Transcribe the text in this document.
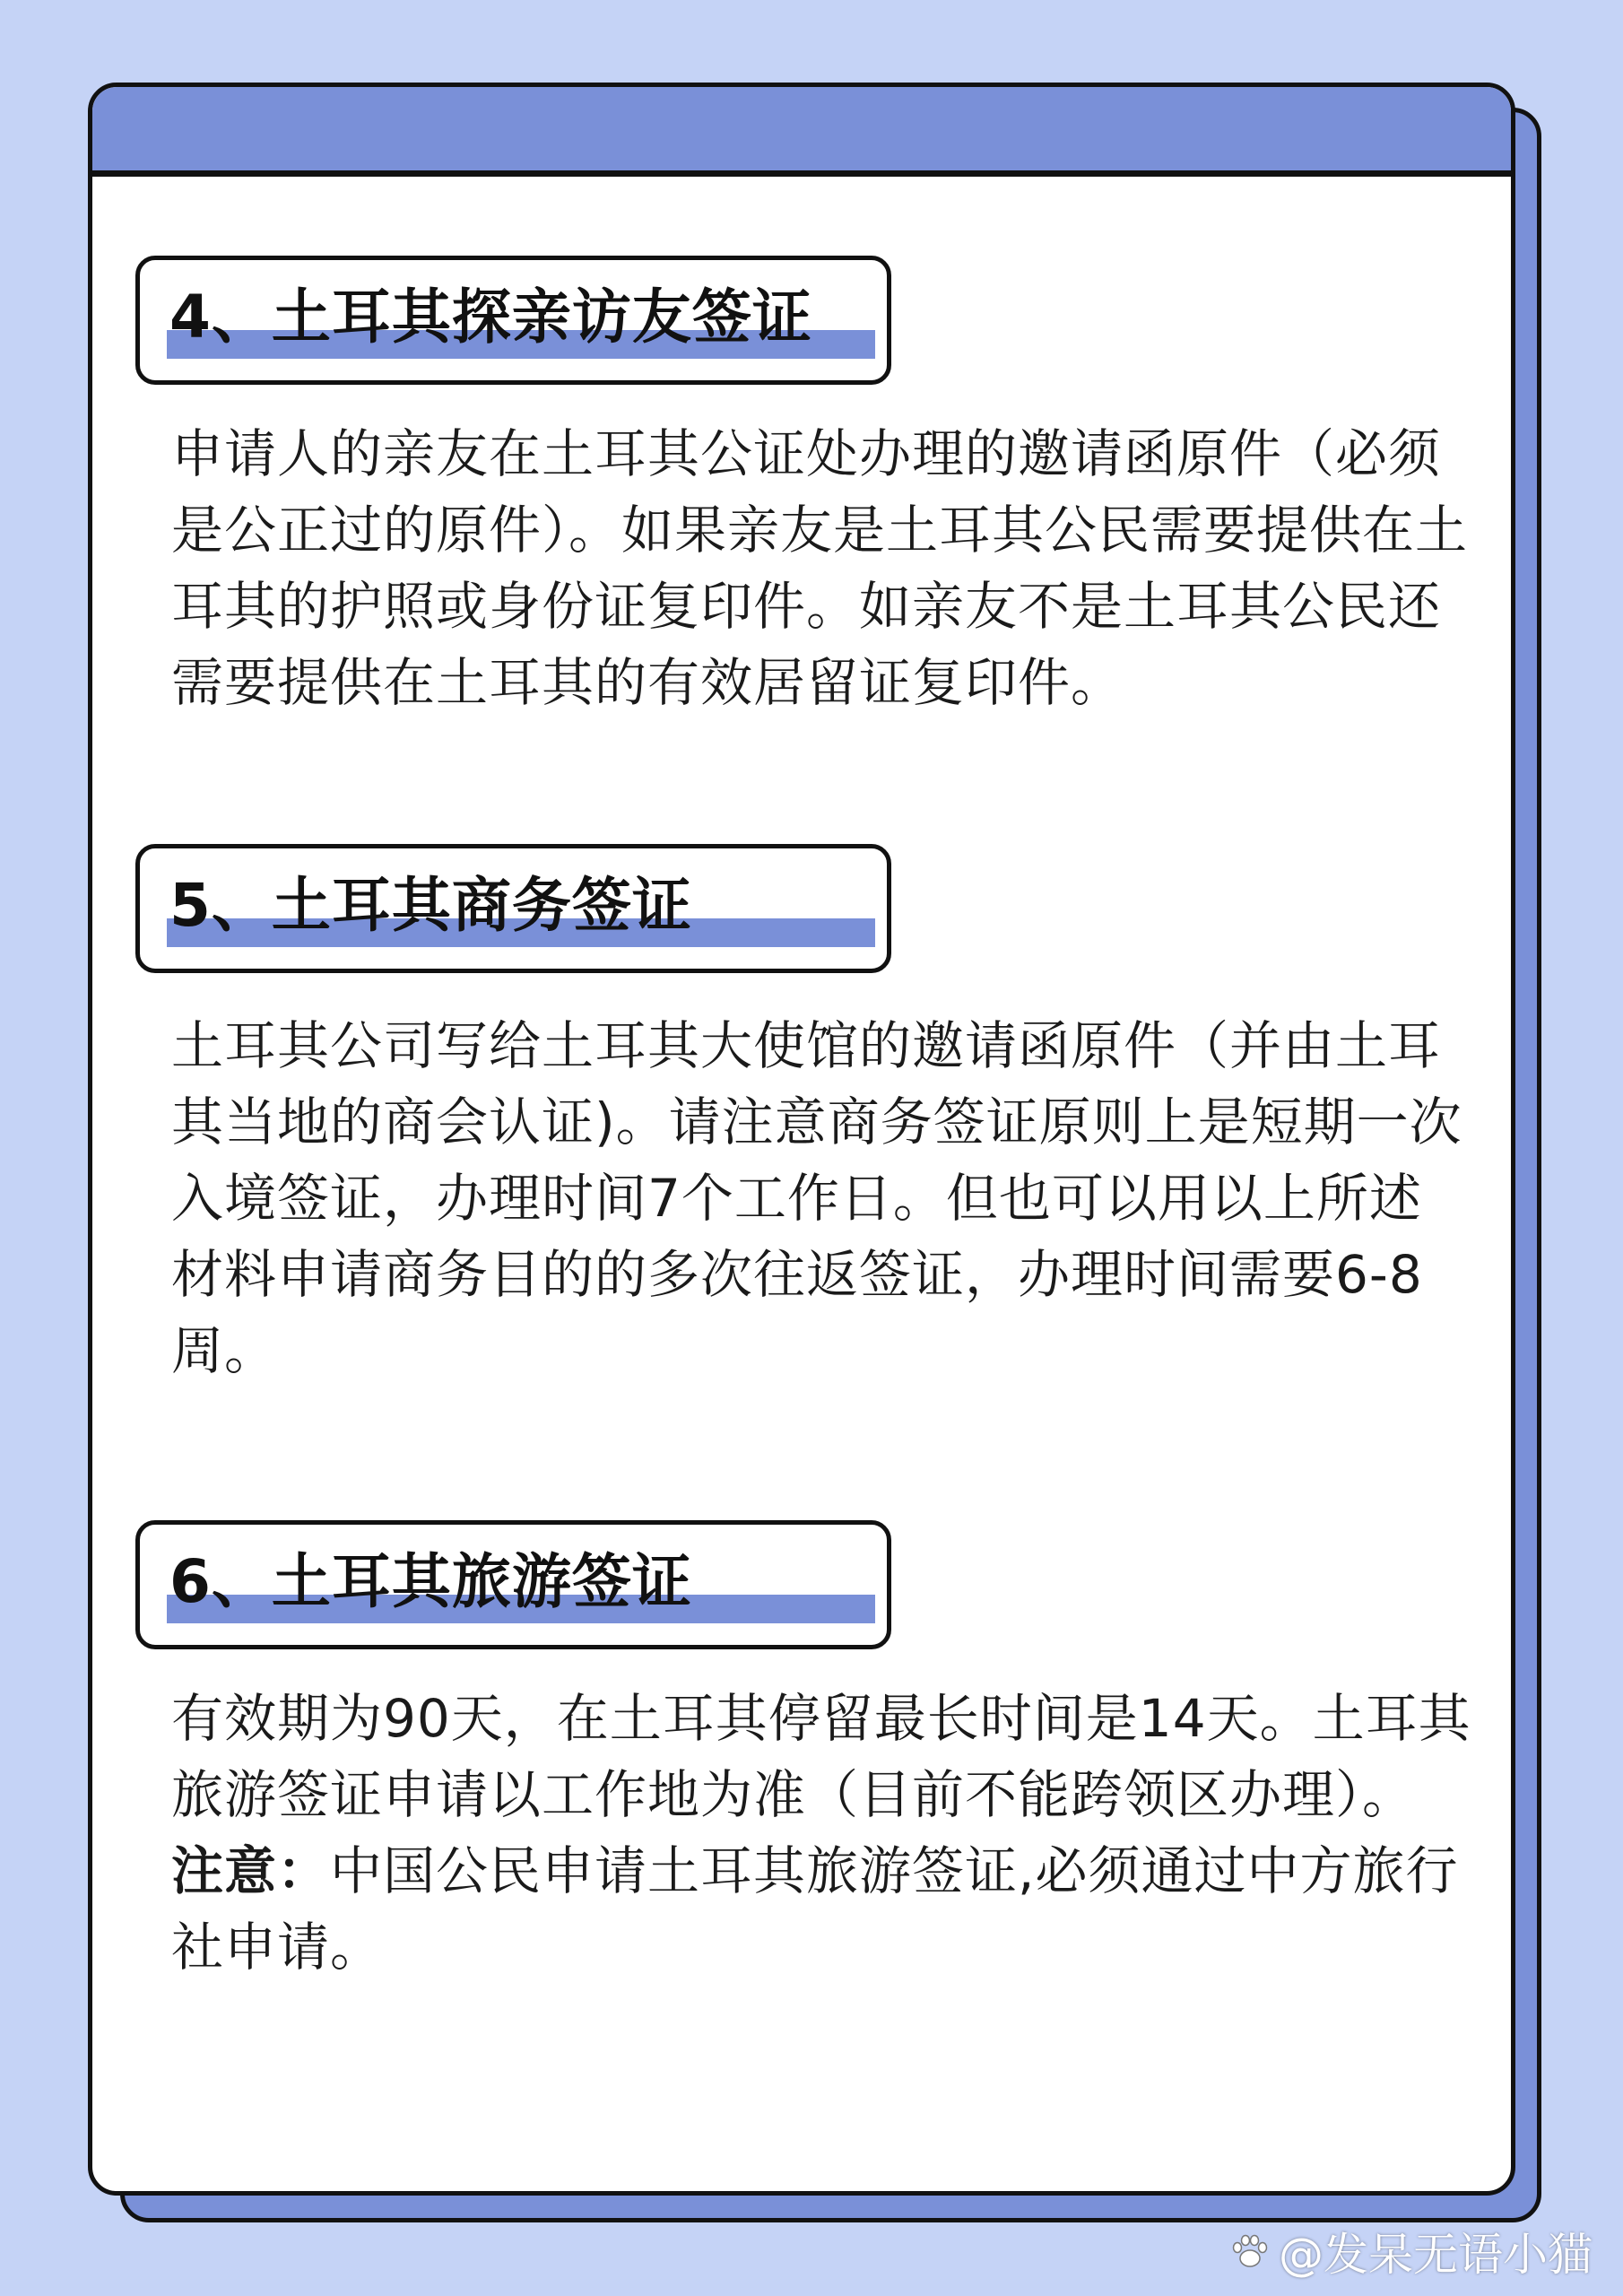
4、土耳其探亲访友签证
申请人的亲友在土耳其公证处办理的邀请函原件（必须是公正过的原件）。如果亲友是土耳其公民需要提供在土耳其的护照或身份证复印件。如亲友不是土耳其公民还需要提供在土耳其的有效居留证复印件。
5、土耳其商务签证
土耳其公司写给土耳其大使馆的邀请函原件（并由土耳其当地的商会认证)。请注意商务签证原则上是短期一次入境签证，办理时间7个工作日。但也可以用以上所述材料申请商务目的的多次往返签证，办理时间需要6-8周。
6、土耳其旅游签证
有效期为90天，在土耳其停留最长时间是14天。土耳其旅游签证申请以工作地为准（目前不能跨领区办理）。
注意：中国公民申请土耳其旅游签证,必须通过中方旅行社申请。
@发呆无语小猫
